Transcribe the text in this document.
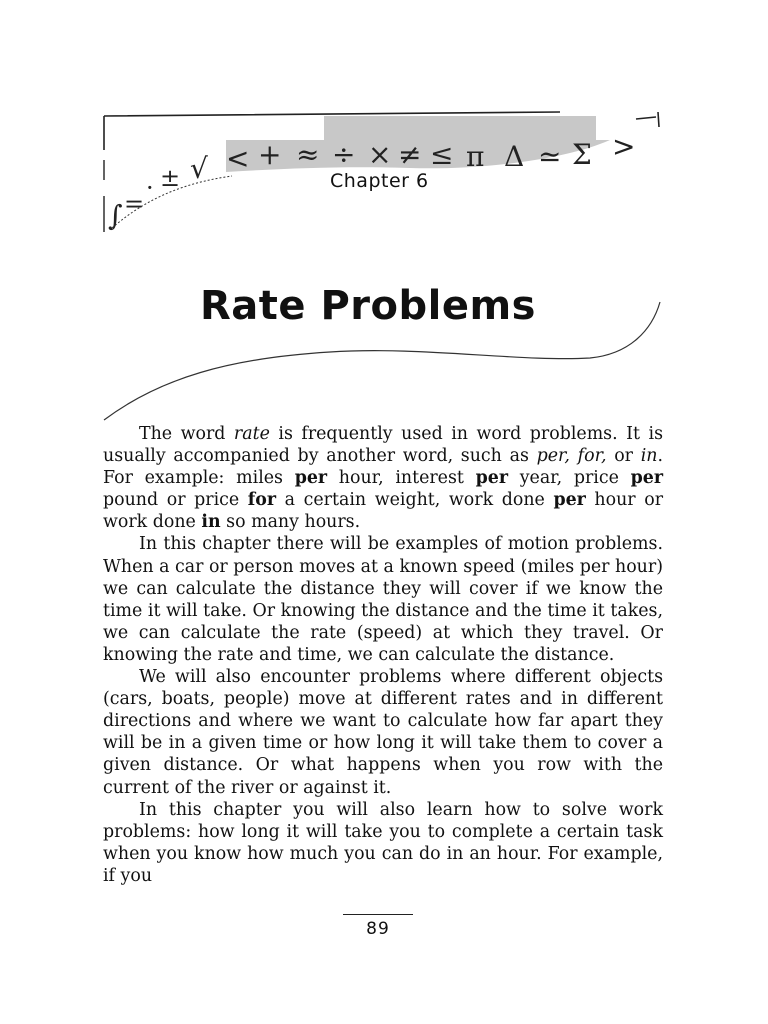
∫ =
· ± √ < + ≈ ÷ × ≠ ≤ π Δ ≃ Σ >
Chapter 6
Rate Problems

The word rate is frequently used in word problems. It is usually accompanied by another word, such as per, for, or in. For example: miles per hour, interest per year, price per pound or price for a certain weight, work done per hour or work done in so many hours.

In this chapter there will be examples of motion problems. When a car or person moves at a known speed (miles per hour) we can calculate the distance they will cover if we know the time it will take. Or knowing the distance and the time it takes, we can calculate the rate (speed) at which they travel. Or knowing the rate and time, we can calculate the distance.

We will also encounter problems where different objects (cars, boats, people) move at different rates and in different directions and where we want to calculate how far apart they will be in a given time or how long it will take them to cover a given distance. Or what happens when you row with the current of the river or against it.

In this chapter you will also learn how to solve work problems: how long it will take you to complete a certain task when you know how much you can do in an hour. For example, if you

89
